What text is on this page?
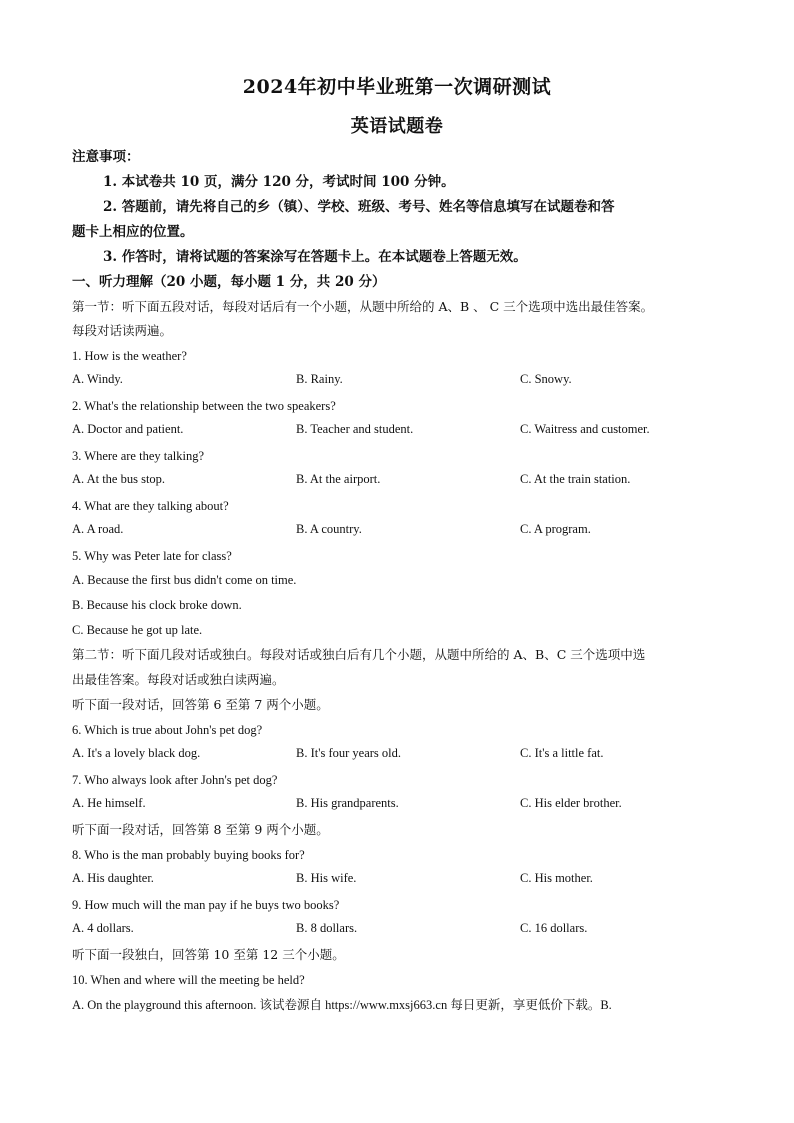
2024年初中毕业班第一次调研测试
英语试题卷
注意事项：
1. 本试卷共 10 页，满分 120 分，考试时间 100 分钟。
2. 答题前，请先将自己的乡（镇）、学校、班级、考号、姓名等信息填写在试题卷和答
题卡上相应的位置。
3. 作答时，请将试题的答案涂写在答题卡上。在本试题卷上答题无效。
一、听力理解（20 小题，每小题 1 分，共 20 分）
第一节：听下面五段对话，每段对话后有一个小题，从题中所给的 A、B 、 C 三个选项中选出最佳答案。
每段对话读两遍。
1. How is the weather?
A. Windy.	B. Rainy.	C. Snowy.
2. What's the relationship between the two speakers?
A. Doctor and patient.	B. Teacher and student.	C. Waitress and customer.
3. Where are they talking?
A. At the bus stop.	B. At the airport.	C. At the train station.
4. What are they talking about?
A. A road.	B. A country.	C. A program.
5. Why was Peter late for class?
A. Because the first bus didn't come on time.
B. Because his clock broke down.
C. Because he got up late.
第二节：听下面几段对话或独白。每段对话或独白后有几个小题，从题中所给的 A、B、C 三个选项中选
出最佳答案。每段对话或独白读两遍。
听下面一段对话，回答第 6 至第 7 两个小题。
6. Which is true about John's pet dog?
A. It's a lovely black dog.	B. It's four years old.	C. It's a little fat.
7. Who always look after John's pet dog?
A. He himself.	B. His grandparents.	C. His elder brother.
听下面一段对话，回答第 8 至第 9 两个小题。
8. Who is the man probably buying books for?
A. His daughter.	B. His wife.	C. His mother.
9. How much will the man pay if he buys two books?
A. 4 dollars.	B. 8 dollars.	C. 16 dollars.
听下面一段独白，回答第 10 至第 12 三个小题。
10. When and where will the meeting be held?
A. On the playground this afternoon. 该试卷源自 https://www.mxsj663.cn 每日更新，享更低价下载。B.
